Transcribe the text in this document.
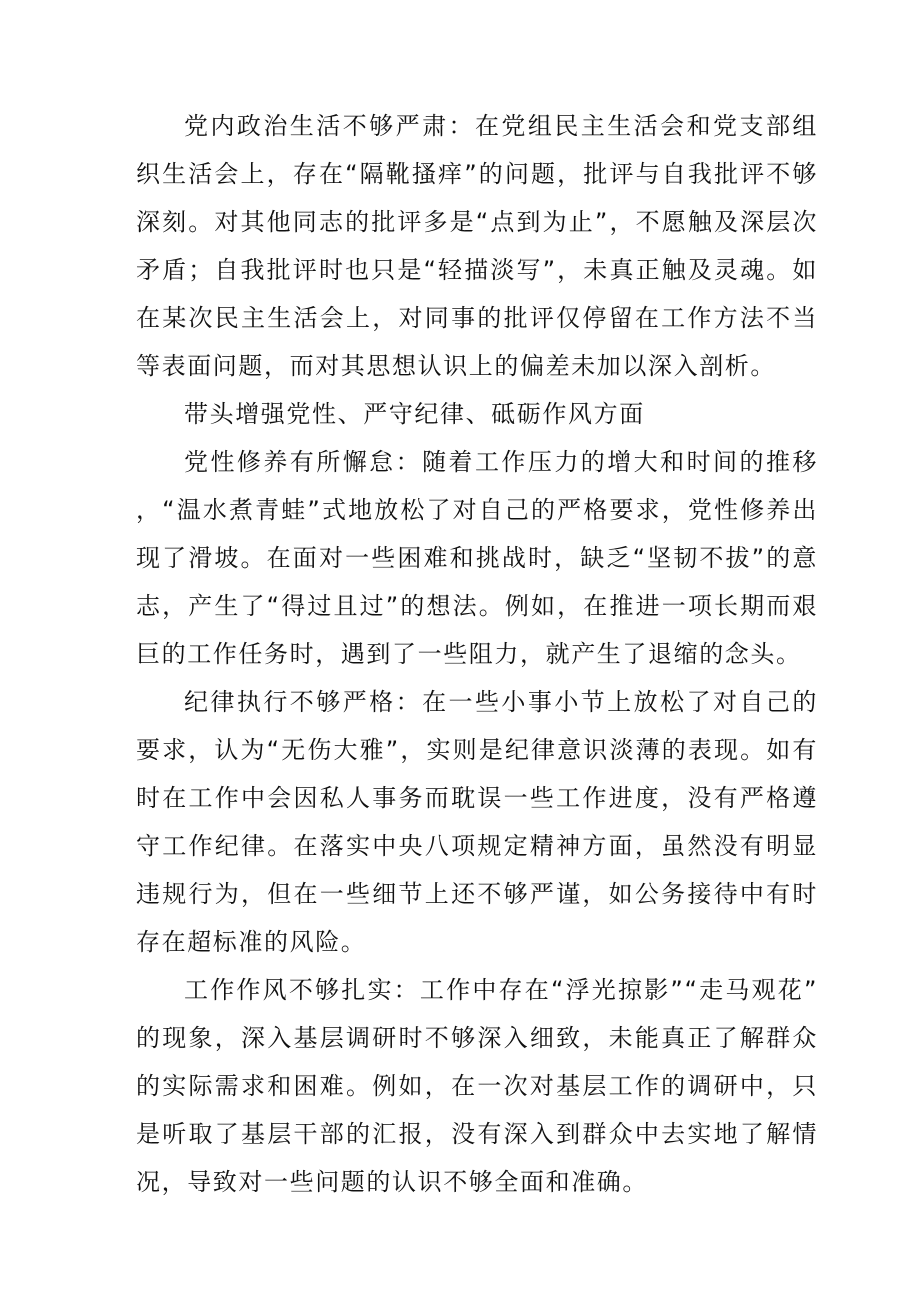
党内政治生活不够严肃：在党组民主生活会和党支部组织生活会上，存在“隔靴搔痒”的问题，批评与自我批评不够深刻。对其他同志的批评多是“点到为止”，不愿触及深层次矛盾；自我批评时也只是“轻描淡写”，未真正触及灵魂。如在某次民主生活会上，对同事的批评仅停留在工作方法不当等表面问题，而对其思想认识上的偏差未加以深入剖析。

带头增强党性、严守纪律、砥砺作风方面

党性修养有所懈怠：随着工作压力的增大和时间的推移，“温水煮青蛙”式地放松了对自己的严格要求，党性修养出现了滑坡。在面对一些困难和挑战时，缺乏“坚韧不拔”的意志，产生了“得过且过”的想法。例如，在推进一项长期而艰巨的工作任务时，遇到了一些阻力，就产生了退缩的念头。

纪律执行不够严格：在一些小事小节上放松了对自己的要求，认为“无伤大雅”，实则是纪律意识淡薄的表现。如有时在工作中会因私人事务而耽误一些工作进度，没有严格遵守工作纪律。在落实中央八项规定精神方面，虽然没有明显违规行为，但在一些细节上还不够严谨，如公务接待中有时存在超标准的风险。

工作作风不够扎实：工作中存在“浮光掠影”“走马观花”的现象，深入基层调研时不够深入细致，未能真正了解群众的实际需求和困难。例如，在一次对基层工作的调研中，只是听取了基层干部的汇报，没有深入到群众中去实地了解情况，导致对一些问题的认识不够全面和准确。
